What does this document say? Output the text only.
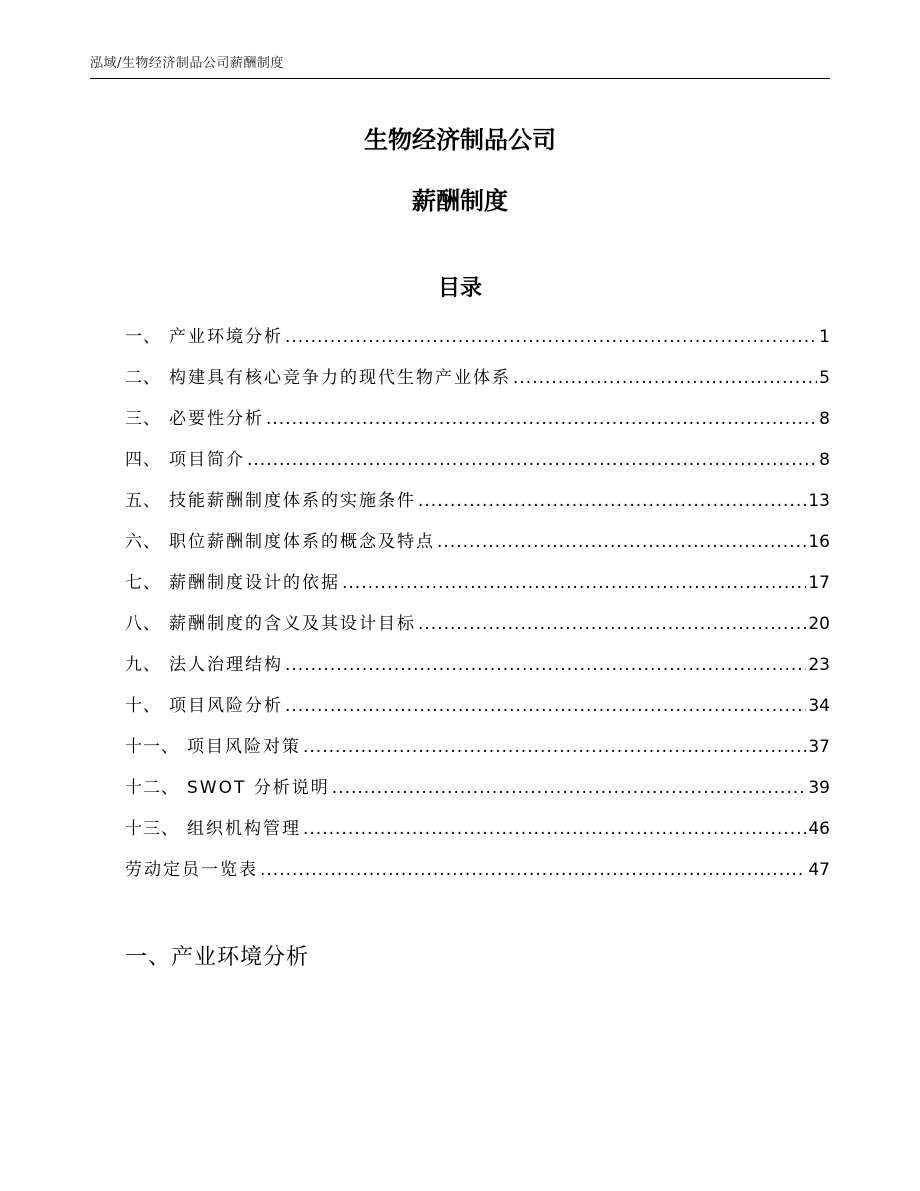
泓域/生物经济制品公司薪酬制度
生物经济制品公司
薪酬制度
目录
一、 产业环境分析 .....	1
二、 构建具有核心竞争力的现代生物产业体系 .....	5
三、 必要性分析 .....	8
四、 项目简介 .....	8
五、 技能薪酬制度体系的实施条件 .....	13
六、 职位薪酬制度体系的概念及特点 .....	16
七、 薪酬制度设计的依据 .....	17
八、 薪酬制度的含义及其设计目标 .....	20
九、 法人治理结构 .....	23
十、 项目风险分析 .....	34
十一、 项目风险对策 .....	37
十二、 SWOT 分析说明 .....	39
十三、 组织机构管理 .....	46
劳动定员一览表 .....	47
一、产业环境分析
